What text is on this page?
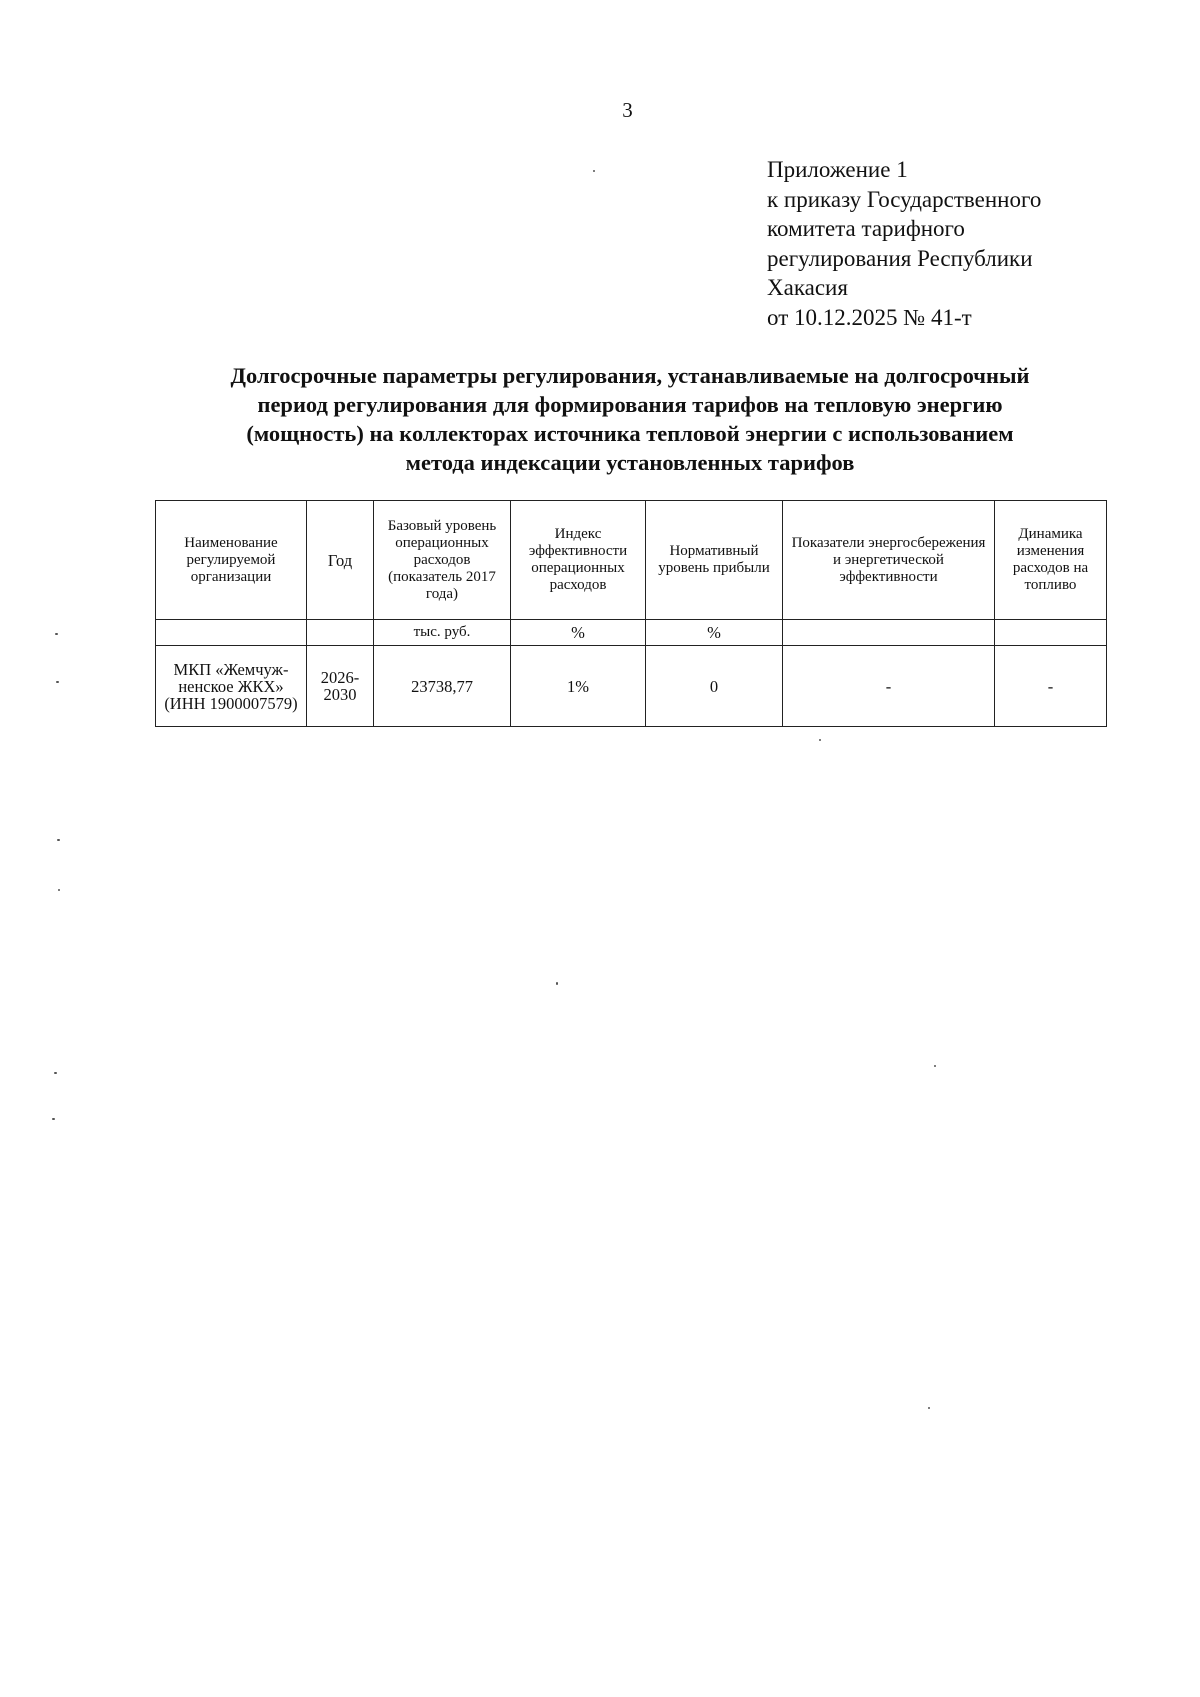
3
Приложение 1
к приказу Государственного
комитета тарифного
регулирования Республики
Хакасия
от 10.12.2025 № 41-т
Долгосрочные параметры регулирования, устанавливаемые на долгосрочный
период регулирования для формирования тарифов на тепловую энергию
(мощность) на коллекторах источника тепловой энергии с использованием
метода индексации установленных тарифов
Наименование регулируемой организации	Год	Базовый уровень операционных расходов (показатель 2017 года)	Индекс эффективности операционных расходов	Нормативный уровень прибыли	Показатели энергосбережения и энергетической эффективности	Динамика изменения расходов на топливо
		тыс. руб.	%	%		
МКП «Жемчуж-ненское ЖКХ» (ИНН 1900007579)	2026-2030	23738,77	1%	0	-	-
